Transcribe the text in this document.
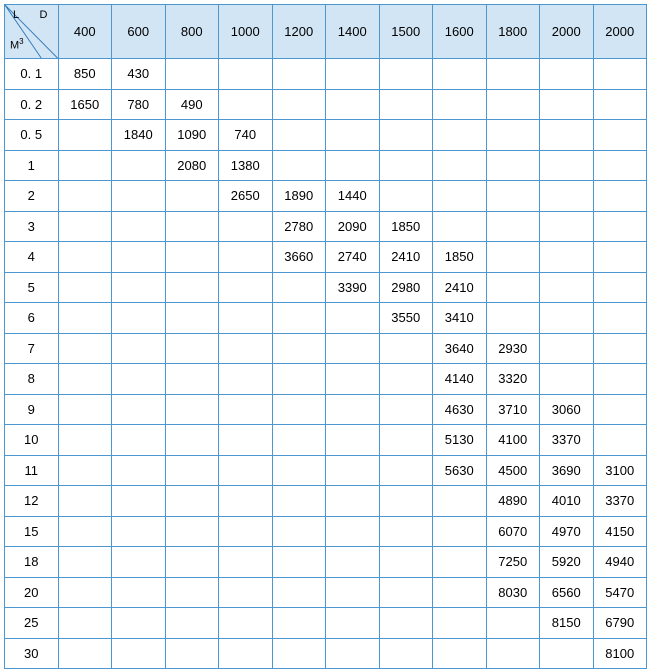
L D
$M^3$	400	600	800	1000	1200	1400	1500	1600	1800	2000	2000
0. 1	850	430									
0. 2	1650	780	490								
0. 5		1840	1090	740							
1			2080	1380							
2				2650	1890	1440					
3					2780	2090	1850				
4					3660	2740	2410	1850			
5						3390	2980	2410			
6							3550	3410			
7								3640	2930		
8								4140	3320		
9								4630	3710	3060	
10								5130	4100	3370	
11								5630	4500	3690	3100
12									4890	4010	3370
15									6070	4970	4150
18									7250	5920	4940
20									8030	6560	5470
25										8150	6790
30											8100
